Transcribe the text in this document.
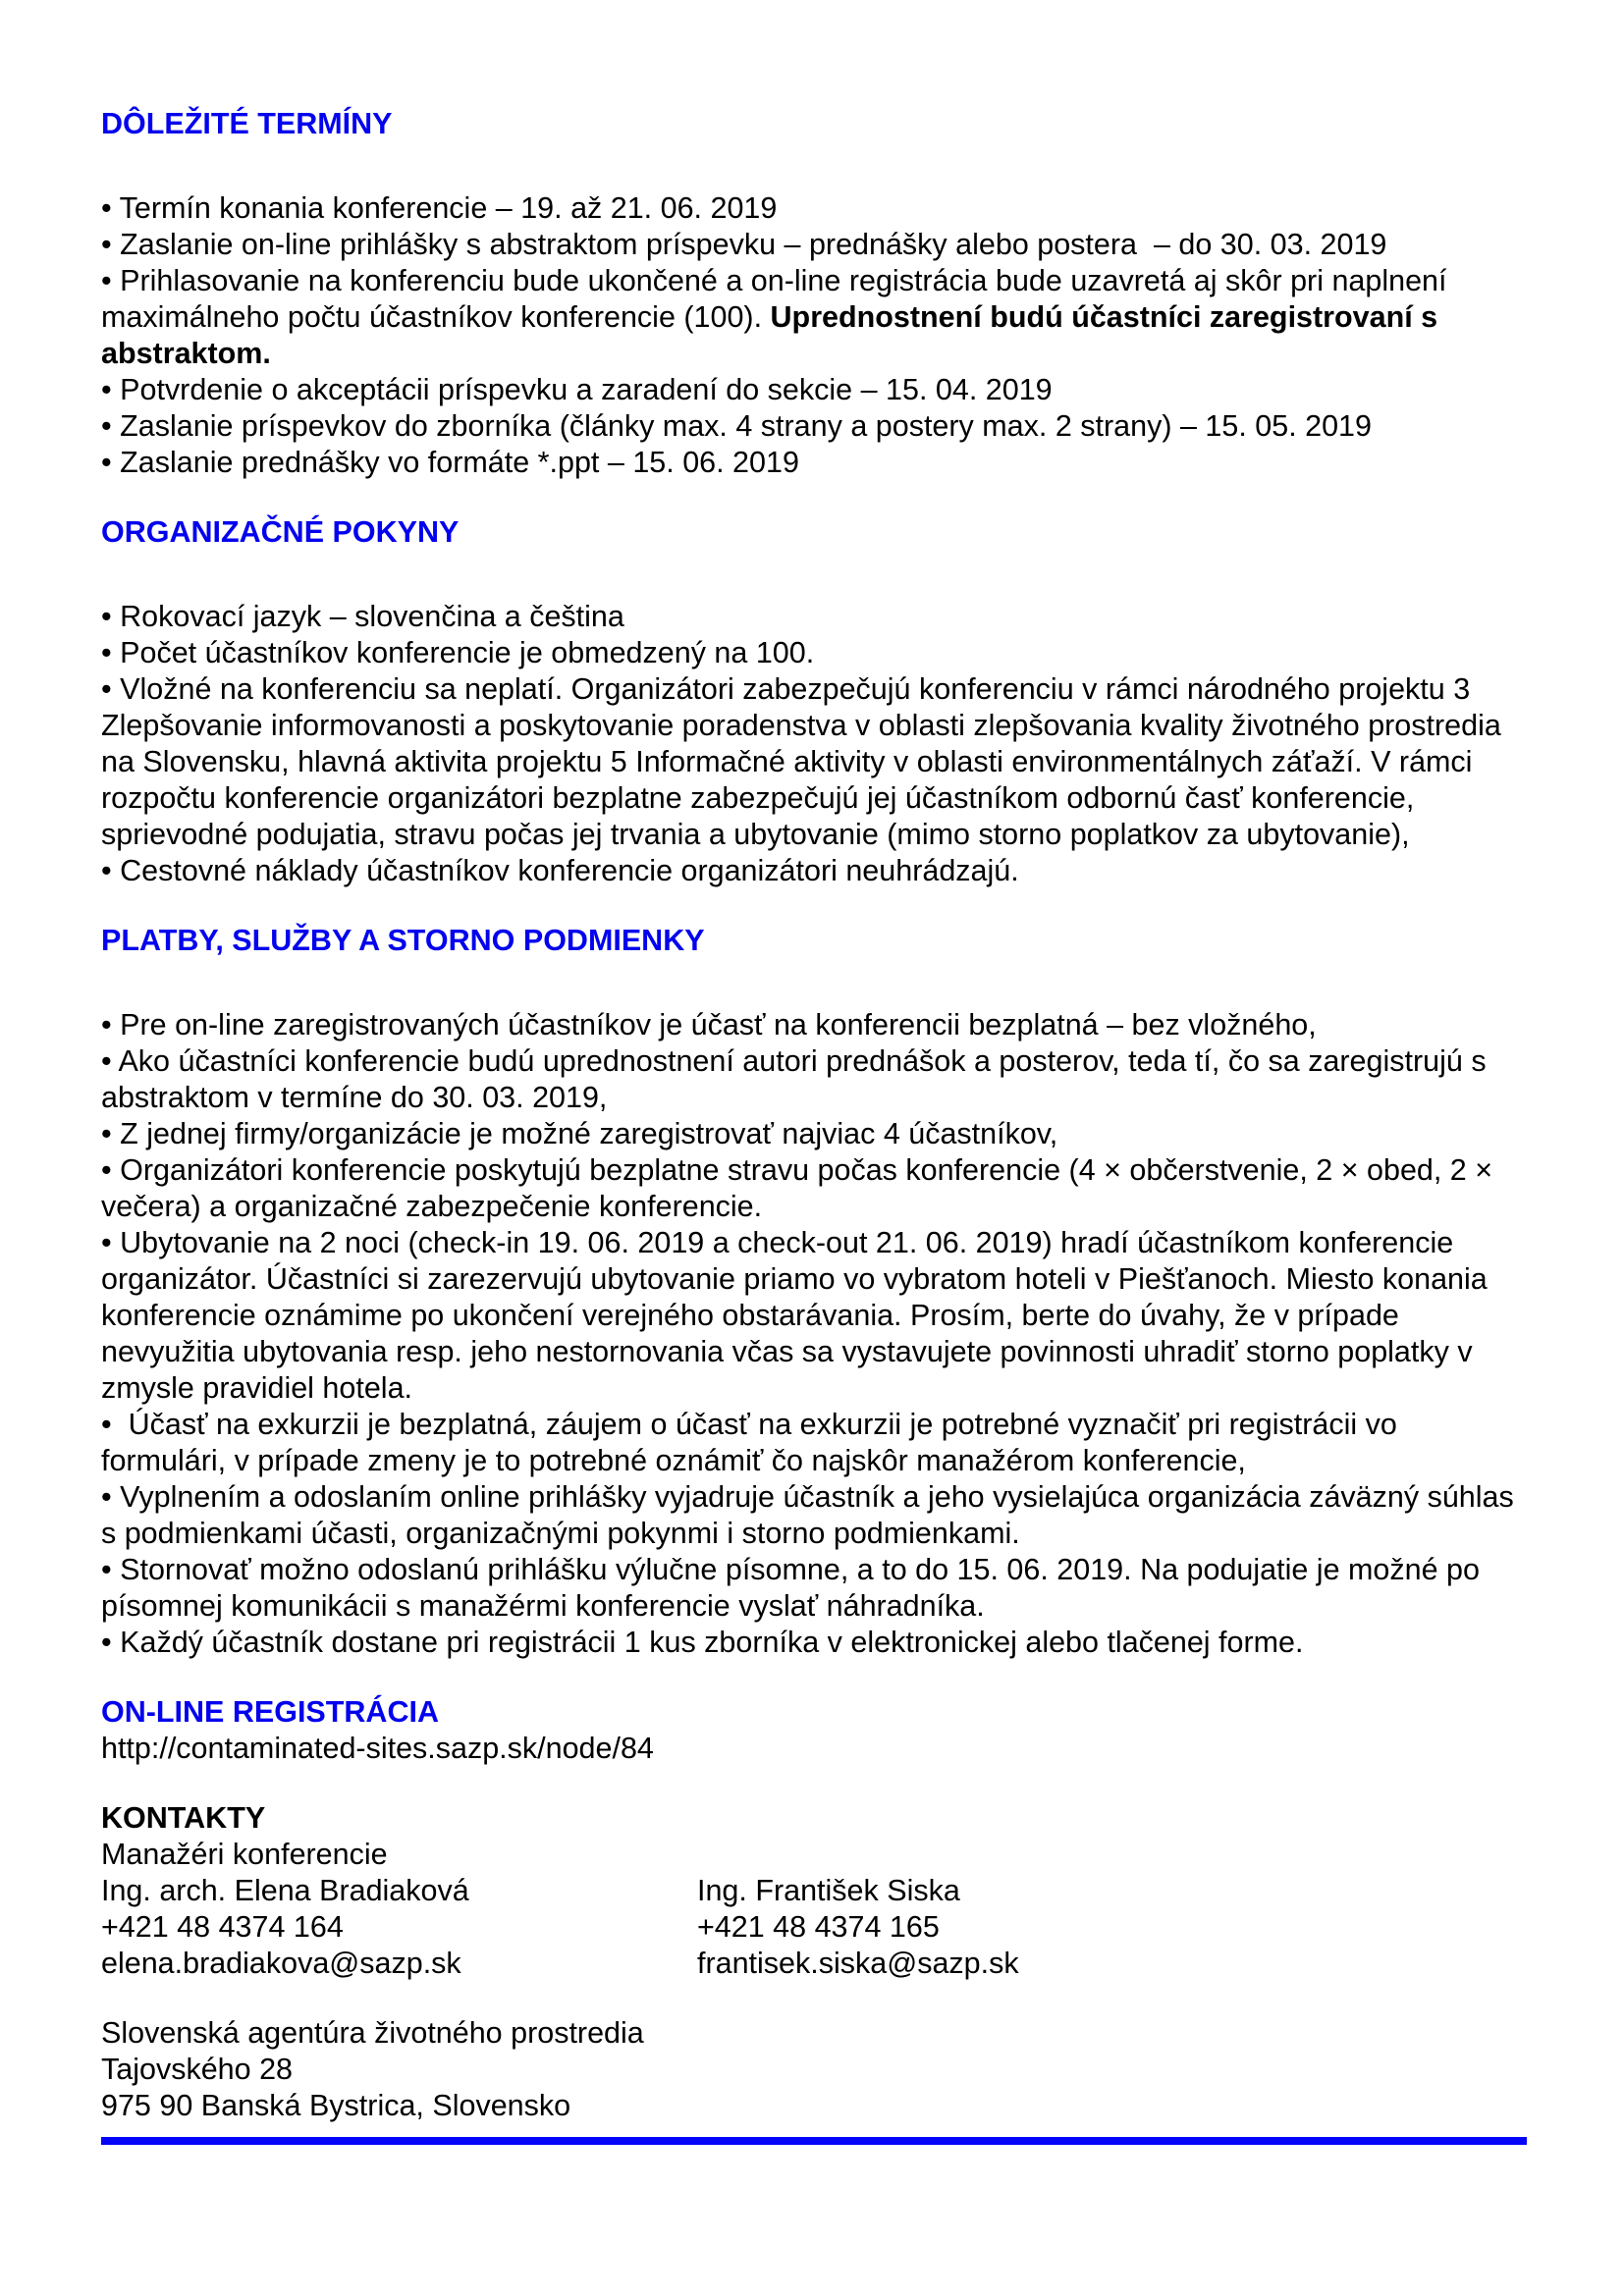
DÔLEŽITÉ TERMÍNY

• Termín konania konferencie – 19. až 21. 06. 2019

• Zaslanie on-line prihlášky s abstraktom príspevku – prednášky alebo postera  – do 30. 03. 2019

• Prihlasovanie na konferenciu bude ukončené a on-line registrácia bude uzavretá aj skôr pri naplnení maximálneho počtu účastníkov konferencie (100). Uprednostnení budú účastníci zaregistrovaní s abstraktom.

• Potvrdenie o akceptácii príspevku a zaradení do sekcie – 15. 04. 2019

• Zaslanie príspevkov do zborníka (články max. 4 strany a postery max. 2 strany) – 15. 05. 2019

• Zaslanie prednášky vo formáte *.ppt – 15. 06. 2019

ORGANIZAČNÉ POKYNY

• Rokovací jazyk – slovenčina a čeština

• Počet účastníkov konferencie je obmedzený na 100.

• Vložné na konferenciu sa neplatí. Organizátori zabezpečujú konferenciu v rámci národného projektu 3 Zlepšovanie informovanosti a poskytovanie poradenstva v oblasti zlepšovania kvality životného prostredia na Slovensku, hlavná aktivita projektu 5 Informačné aktivity v oblasti environmentálnych záťaží. V rámci rozpočtu konferencie organizátori bezplatne zabezpečujú jej účastníkom odbornú časť konferencie, sprievodné podujatia, stravu počas jej trvania a ubytovanie (mimo storno poplatkov za ubytovanie),

• Cestovné náklady účastníkov konferencie organizátori neuhrádzajú.

PLATBY, SLUŽBY A STORNO PODMIENKY

• Pre on-line zaregistrovaných účastníkov je účasť na konferencii bezplatná – bez vložného,

• Ako účastníci konferencie budú uprednostnení autori prednášok a posterov, teda tí, čo sa zaregistrujú s abstraktom v termíne do 30. 03. 2019,

• Z jednej firmy/organizácie je možné zaregistrovať najviac 4 účastníkov,

• Organizátori konferencie poskytujú bezplatne stravu počas konferencie (4 × občerstvenie, 2 × obed, 2 × večera) a organizačné zabezpečenie konferencie.

• Ubytovanie na 2 noci (check-in 19. 06. 2019 a check-out 21. 06. 2019) hradí účastníkom konferencie organizátor. Účastníci si zarezervujú ubytovanie priamo vo vybratom hoteli v Piešťanoch. Miesto konania konferencie oznámime po ukončení verejného obstarávania. Prosím, berte do úvahy, že v prípade nevyužitia ubytovania resp. jeho nestornovania včas sa vystavujete povinnosti uhradiť storno poplatky v zmysle pravidiel hotela.

•  Účasť na exkurzii je bezplatná, záujem o účasť na exkurzii je potrebné vyznačiť pri registrácii vo formulári, v prípade zmeny je to potrebné oznámiť čo najskôr manažérom konferencie,

• Vyplnením a odoslaním online prihlášky vyjadruje účastník a jeho vysielajúca organizácia záväzný súhlas s podmienkami účasti, organizačnými pokynmi i storno podmienkami.

• Stornovať možno odoslanú prihlášku výlučne písomne, a to do 15. 06. 2019. Na podujatie je možné po písomnej komunikácii s manažérmi konferencie vyslať náhradníka.

• Každý účastník dostane pri registrácii 1 kus zborníka v elektronickej alebo tlačenej forme.

ON-LINE REGISTRÁCIA

http://contaminated-sites.sazp.sk/node/84

KONTAKTY

Manažéri konferencie

Ing. arch. Elena Bradiaková

+421 48 4374 164

elena.bradiakova@sazp.sk

Ing. František Siska

+421 48 4374 165

frantisek.siska@sazp.sk

Slovenská agentúra životného prostredia

Tajovského 28

975 90 Banská Bystrica, Slovensko
